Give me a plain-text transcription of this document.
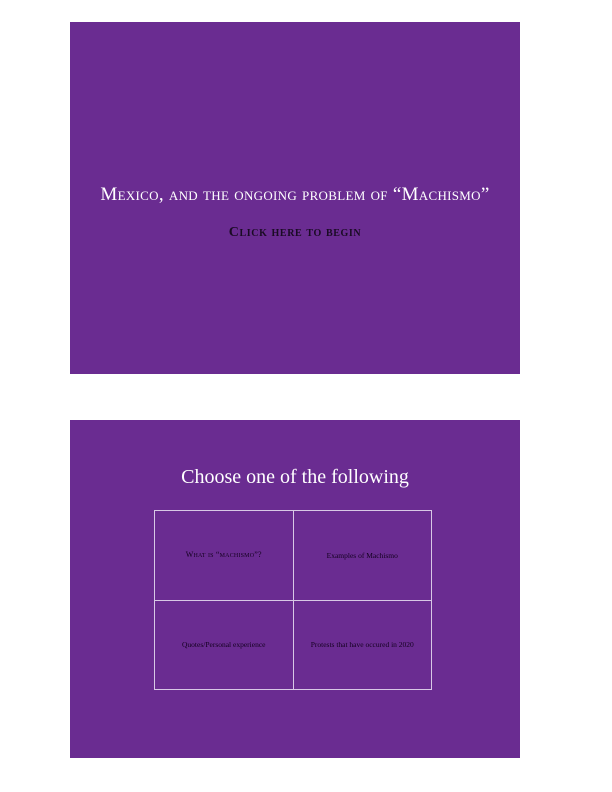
Mexico, and the ongoing problem of “Machismo”
Click here to begin
Choose one of the following
What is “machismo”?	Examples of Machismo
Quotes/Personal experience	Protests that have occured in 2020
